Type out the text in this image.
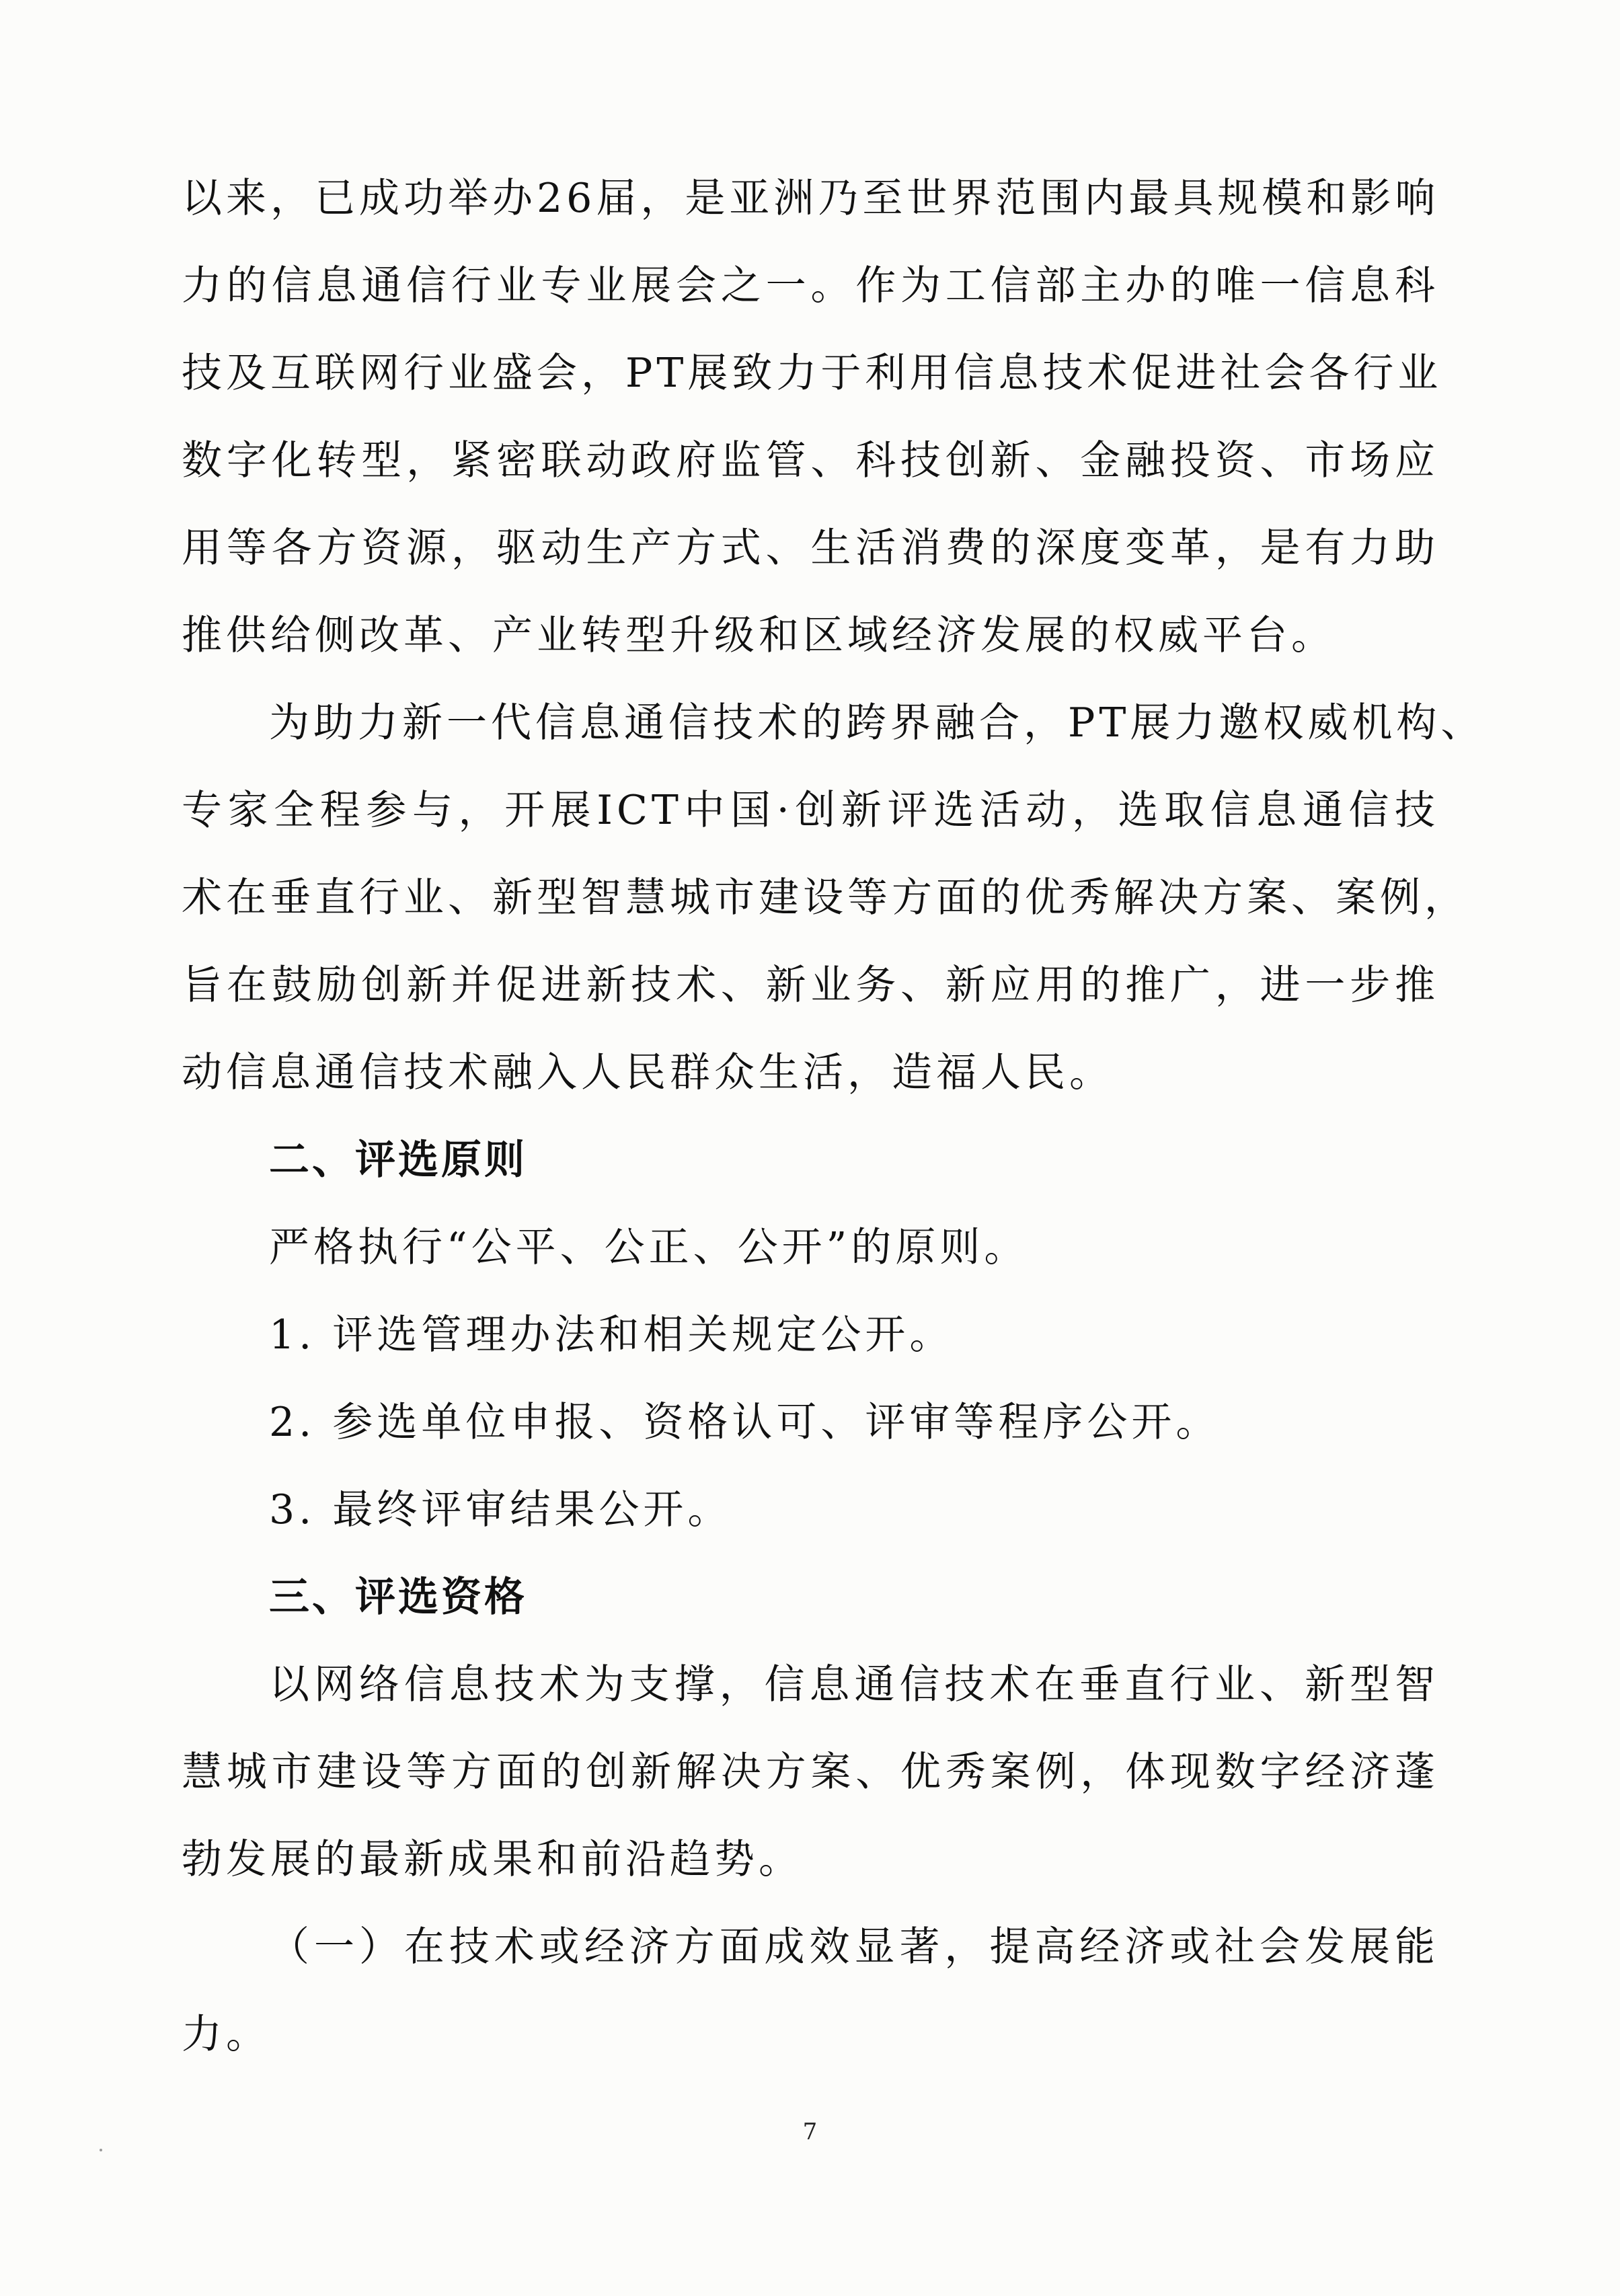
以来，已成功举办26届，是亚洲乃至世界范围内最具规模和影响
力的信息通信行业专业展会之一。作为工信部主办的唯一信息科
技及互联网行业盛会，PT展致力于利用信息技术促进社会各行业
数字化转型，紧密联动政府监管、科技创新、金融投资、市场应
用等各方资源，驱动生产方式、生活消费的深度变革，是有力助
推供给侧改革、产业转型升级和区域经济发展的权威平台。
为助力新一代信息通信技术的跨界融合，PT展力邀权威机构、
专家全程参与，开展ICT中国·创新评选活动，选取信息通信技
术在垂直行业、新型智慧城市建设等方面的优秀解决方案、案例，
旨在鼓励创新并促进新技术、新业务、新应用的推广，进一步推
动信息通信技术融入人民群众生活，造福人民。
二、评选原则
严格执行“公平、公正、公开”的原则。
1. 评选管理办法和相关规定公开。
2. 参选单位申报、资格认可、评审等程序公开。
3. 最终评审结果公开。
三、评选资格
以网络信息技术为支撑，信息通信技术在垂直行业、新型智
慧城市建设等方面的创新解决方案、优秀案例，体现数字经济蓬
勃发展的最新成果和前沿趋势。
（一）在技术或经济方面成效显著，提高经济或社会发展能
力。
7
